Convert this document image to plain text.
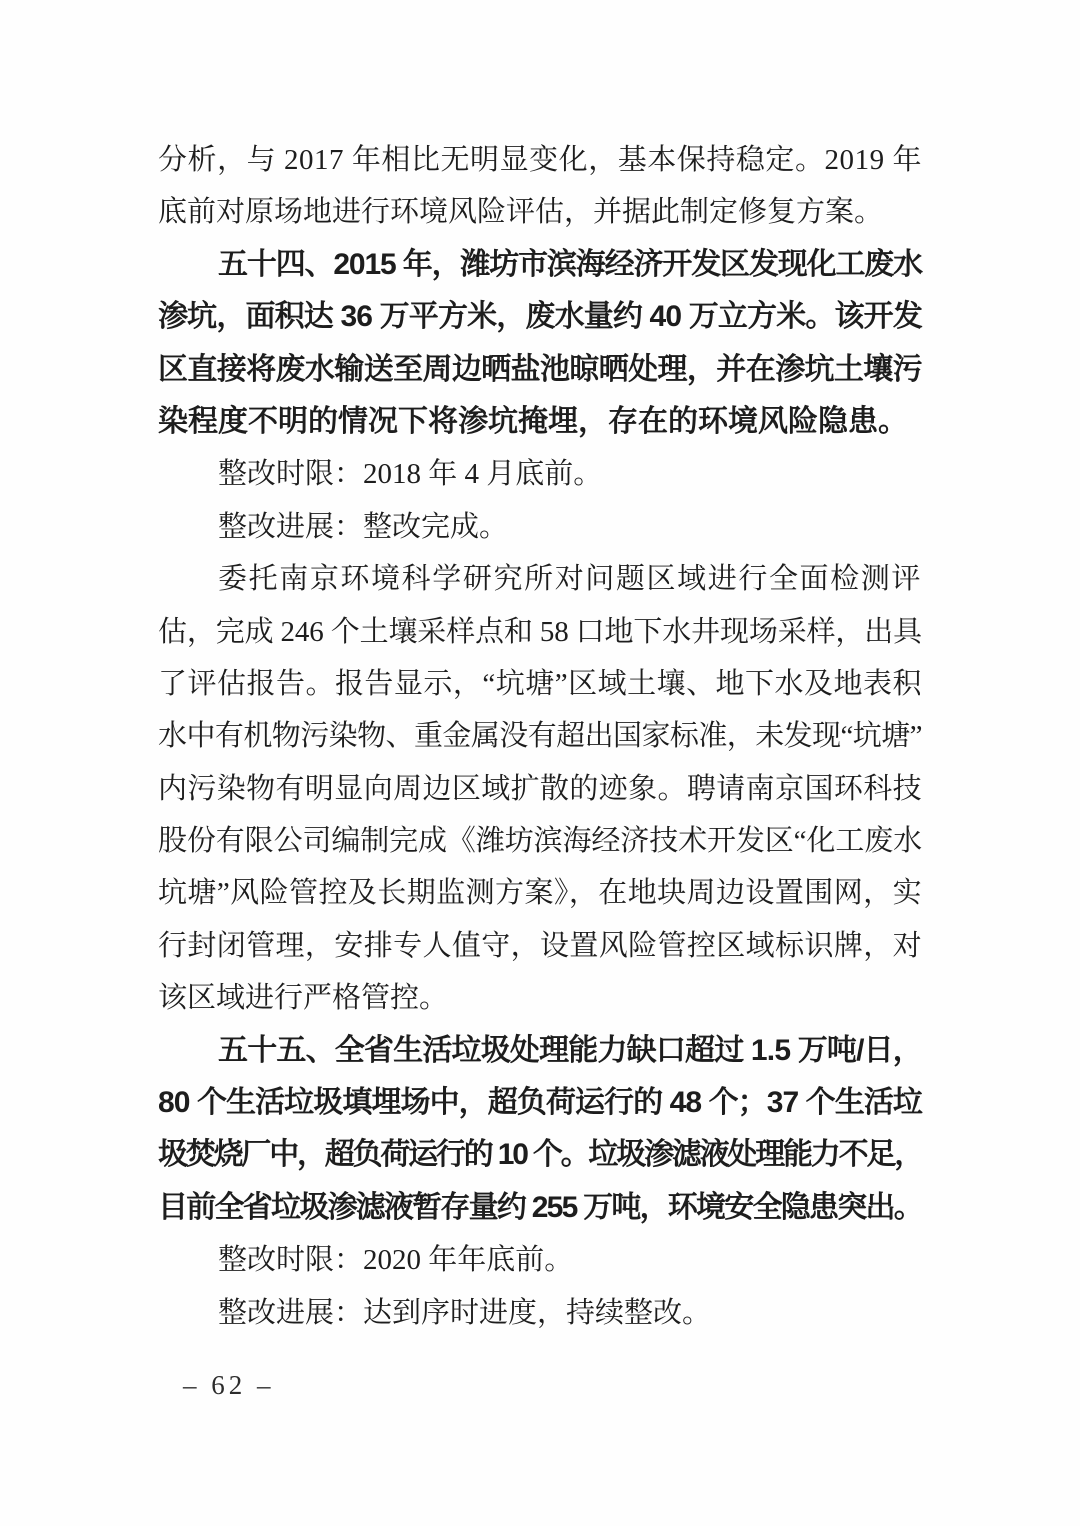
分析，与 2017 年相比无明显变化，基本保持稳定。2019 年
底前对原场地进行环境风险评估，并据此制定修复方案。
五十四、2015 年，潍坊市滨海经济开发区发现化工废水
渗坑，面积达 36 万平方米，废水量约 40 万立方米。该开发
区直接将废水输送至周边晒盐池晾晒处理，并在渗坑土壤污
染程度不明的情况下将渗坑掩埋，存在的环境风险隐患。
整改时限：2018 年 4 月底前。
整改进展：整改完成。
委托南京环境科学研究所对问题区域进行全面检测评
估，完成 246 个土壤采样点和 58 口地下水井现场采样，出具
了评估报告。报告显示，“坑塘”区域土壤、地下水及地表积
水中有机物污染物、重金属没有超出国家标准，未发现“坑塘”
内污染物有明显向周边区域扩散的迹象。聘请南京国环科技
股份有限公司编制完成《潍坊滨海经济技术开发区“化工废水
坑塘”风险管控及长期监测方案》，在地块周边设置围网，实
行封闭管理，安排专人值守，设置风险管控区域标识牌，对
该区域进行严格管控。
五十五、全省生活垃圾处理能力缺口超过 1.5 万吨/日，
80 个生活垃圾填埋场中，超负荷运行的 48 个；37 个生活垃
圾焚烧厂中，超负荷运行的 10 个。垃圾渗滤液处理能力不足，
目前全省垃圾渗滤液暂存量约 255 万吨，环境安全隐患突出。
整改时限：2020 年年底前。
整改进展：达到序时进度，持续整改。
– 62 –
